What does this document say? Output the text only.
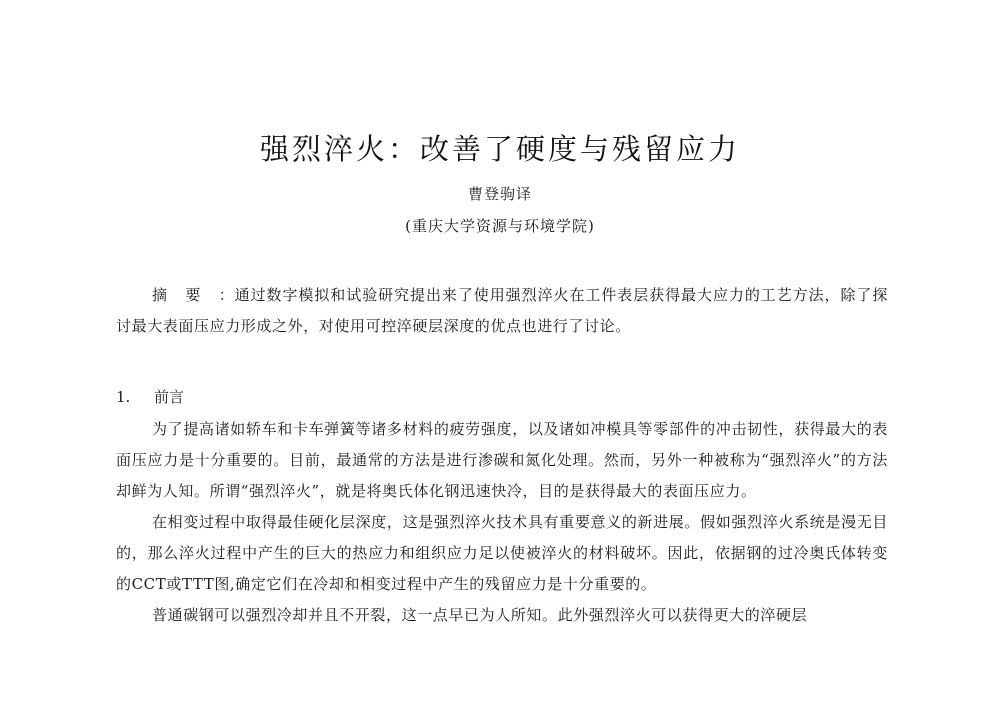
强烈淬火：改善了硬度与残留应力
曹登驹译
(重庆大学资源与环境学院)

摘要：通过数字模拟和试验研究提出来了使用强烈淬火在工件表层获得最大应力的工艺方法，除了探讨最大表面压应力形成之外，对使用可控淬硬层深度的优点也进行了讨论。

1. 前言

为了提高诸如轿车和卡车弹簧等诸多材料的疲劳强度，以及诸如冲模具等零部件的冲击韧性，获得最大的表面压应力是十分重要的。目前，最通常的方法是进行渗碳和氮化处理。然而，另外一种被称为“强烈淬火”的方法却鲜为人知。所谓“强烈淬火”，就是将奥氏体化钢迅速快冷，目的是获得最大的表面压应力。

在相变过程中取得最佳硬化层深度，这是强烈淬火技术具有重要意义的新进展。假如强烈淬火系统是漫无目的，那么淬火过程中产生的巨大的热应力和组织应力足以使被淬火的材料破坏。因此，依据钢的过冷奥氏体转变的CCT或TTT图,确定它们在冷却和相变过程中产生的残留应力是十分重要的。

普通碳钢可以强烈冷却并且不开裂，这一点早已为人所知。此外强烈淬火可以获得更大的淬硬层
